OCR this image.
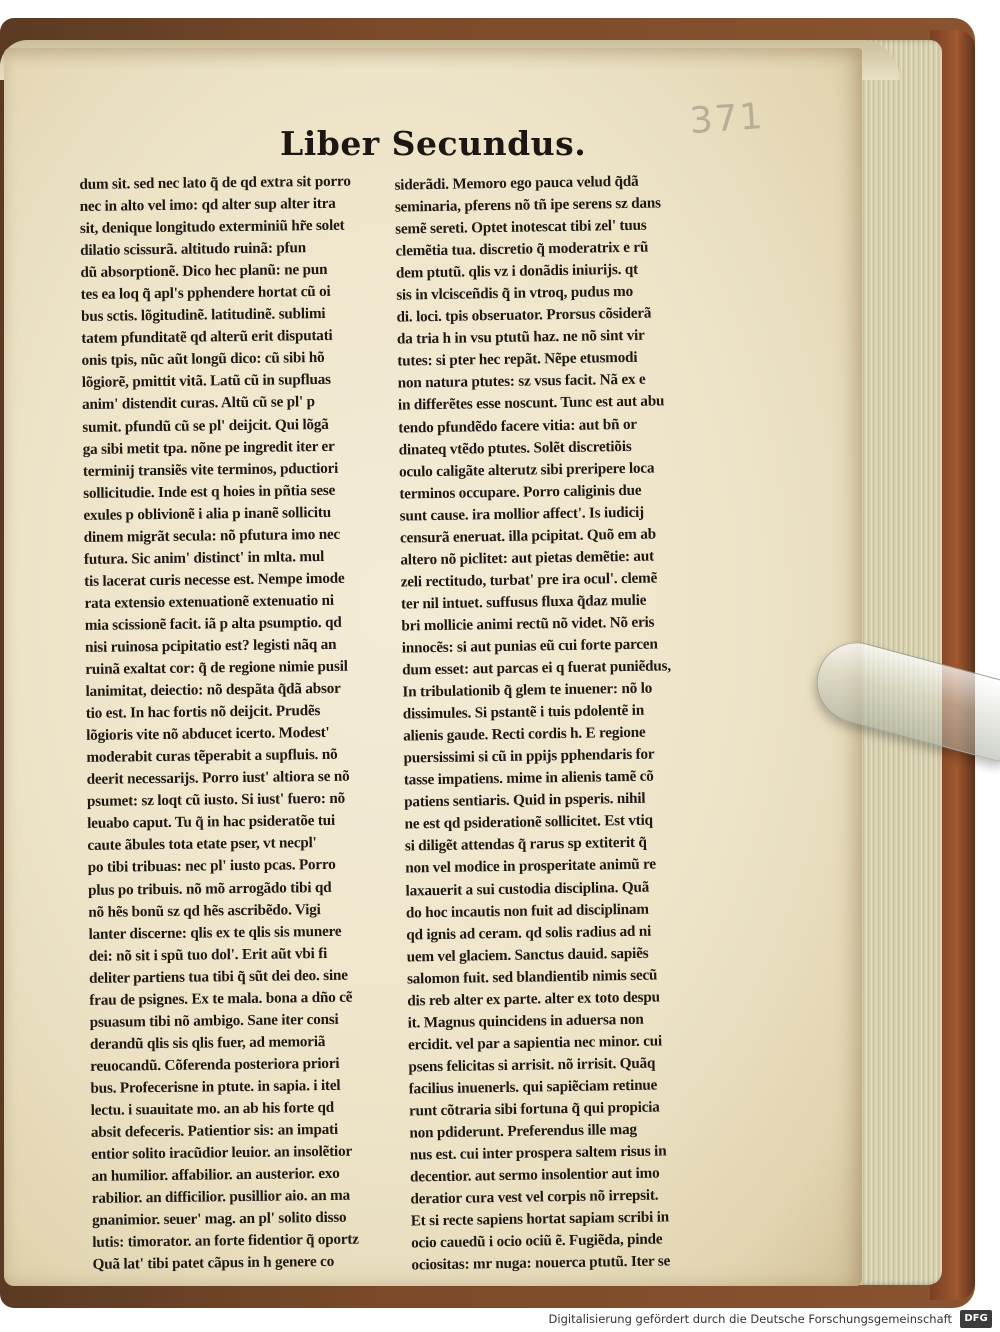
371
Liber Secundus.
dum sit. sed nec lato q̃ de qd extra sit porro
nec in alto vel imo: qd alter sup alter itra
sit, denique longitudo exterminiũ hr̃e solet
dilatio scissurã. altitudo ruinã: pfun
dũ absorptionẽ. Dico hec planũ: ne pun
tes ea loq q̃ apl's pphendere hortat cũ oi
bus sctis. lõgitudinẽ. latitudinẽ. sublimi
tatem pfunditatẽ qd alterũ erit disputati
onis tpis, nũc aũt longũ dico: cũ sibi hõ
lõgiorẽ, pmittit vitã. Latũ cũ in supfluas
anim' distendit curas. Altũ cũ se pl' p
sumit. pfundũ cũ se pl' deijcit. Qui lõgã
ga sibi metit tpa. nõne pe ingredit iter er
terminij transiẽs vite terminos, pductiori
sollicitudie. Inde est q hoies in pñtia sese
exules p oblivionẽ i alia p inanẽ sollicitu
dinem migrãt secula: nõ pfutura imo nec
futura. Sic anim' distinct' in mlta. mul
tis lacerat curis necesse est. Nempe imode
rata extensio extenuationẽ extenuatio ni
mia scissionẽ facit. iã p alta psumptio. qd
nisi ruinosa pcipitatio est? legisti nãq an
ruinã exaltat cor: q̃ de regione nimie pusil
lanimitat, deiectio: nõ despãta q̃dã absor
tio est. In hac fortis nõ deijcit. Prudẽs
lõgioris vite nõ abducet icerto. Modest'
moderabit curas tẽperabit a supfluis. nõ
deerit necessarijs. Porro iust' altiora se nõ
psumet: sz loqt cũ iusto. Si iust' fuero: nõ
leuabo caput. Tu q̃ in hac psideratõe tui
caute ãbules tota etate pser, vt necpl'
po tibi tribuas: nec pl' iusto pcas. Porro
plus po tribuis. nõ mõ arrogãdo tibi qd
nõ hẽs bonũ sz qd hẽs ascribẽdo. Vigi
lanter discerne: qlis ex te qlis sis munere
dei: nõ sit i spũ tuo dol'. Erit aũt vbi fi
deliter partiens tua tibi q̃ sũt dei deo. sine
frau de psignes. Ex te mala. bona a dño cẽ
psuasum tibi nõ ambigo. Sane iter consi
derandũ qlis sis qlis fuer, ad memoriã
reuocandũ. Cõferenda posteriora priori
bus. Profecerisne in ptute. in sapia. i itel
lectu. i suauitate mo. an ab his forte qd
absit defeceris. Patientior sis: an impati
entior solito iracũdior leuior. an insolẽtior
an humilior. affabilior. an austerior. exo
rabilior. an difficilior. pusillior aio. an ma
gnanimior. seuer' mag. an pl' solito disso
lutis: timorator. an forte fidentior q̃ oportz
Quã lat' tibi patet cãpus in h genere co
siderãdi. Memoro ego pauca velud q̃dã
seminaria, pferens nõ tñ ipe serens sz dans
semẽ sereti. Optet inotescat tibi zel' tuus
clemẽtia tua. discretio q̃ moderatrix e rũ
dem ptutũ. qlis vz i donãdis iniurijs. qt
sis in vlcisceñdis q̃ in vtroq, pudus mo
di. loci. tpis obseruator. Prorsus cõsiderã
da tria h in vsu ptutũ haz. ne nõ sint vir
tutes: si pter hec repãt. Nẽpe etusmodi
non natura ptutes: sz vsus facit. Nã ex e
in differẽtes esse noscunt. Tunc est aut abu
tendo pfundẽdo facere vitia: aut bñ or
dinateq vtẽdo ptutes. Solẽt discretiõis
oculo caligãte alterutz sibi preripere loca
terminos occupare. Porro caliginis due
sunt cause. ira mollior affect'. Is iudicij
censurã eneruat. illa pcipitat. Quõ em ab
altero nõ piclitet: aut pietas demẽtie: aut
zeli rectitudo, turbat' pre ira ocul'. clemẽ
ter nil intuet. suffusus fluxa q̃daz mulie
bri mollicie animi rectũ nõ videt. Nõ eris
innocẽs: si aut punias eũ cui forte parcen
dum esset: aut parcas ei q fuerat puniẽdus,
In tribulationib q̃ glem te inuener: nõ lo
dissimules. Si pstantẽ i tuis pdolentẽ in
alienis gaude. Recti cordis h. E regione
puersissimi si cũ in ppijs pphendaris for
tasse impatiens. mime in alienis tamẽ cõ
patiens sentiaris. Quid in psperis. nihil
ne est qd psiderationẽ sollicitet. Est vtiq
si diligẽt attendas q̃ rarus sp extiterit q̃
non vel modice in prosperitate animũ re
laxauerit a sui custodia disciplina. Quã
do hoc incautis non fuit ad disciplinam
qd ignis ad ceram. qd solis radius ad ni
uem vel glaciem. Sanctus dauid. sapiẽs
salomon fuit. sed blandientib nimis secũ
dis reb alter ex parte. alter ex toto despu
it. Magnus quincidens in aduersa non
ercidit. vel par a sapientia nec minor. cui
psens felicitas si arrisit. nõ irrisit. Quãq
facilius inuenerls. qui sapiẽciam retinue
runt cõtraria sibi fortuna q̃ qui propicia
non pdiderunt. Preferendus ille mag
nus est. cui inter prospera saltem risus in
decentior. aut sermo insolentior aut imo
deratior cura vest vel corpis nõ irrepsit.
Et si recte sapiens hortat sapiam scribi in
ocio cauedũ i ocio ociũ ẽ. Fugiẽda, pinde
ociositas: mr nuga: nouerca ptutũ. Iter se
Digitalisierung gefördert durch die Deutsche Forschungsgemeinschaft	DFG
